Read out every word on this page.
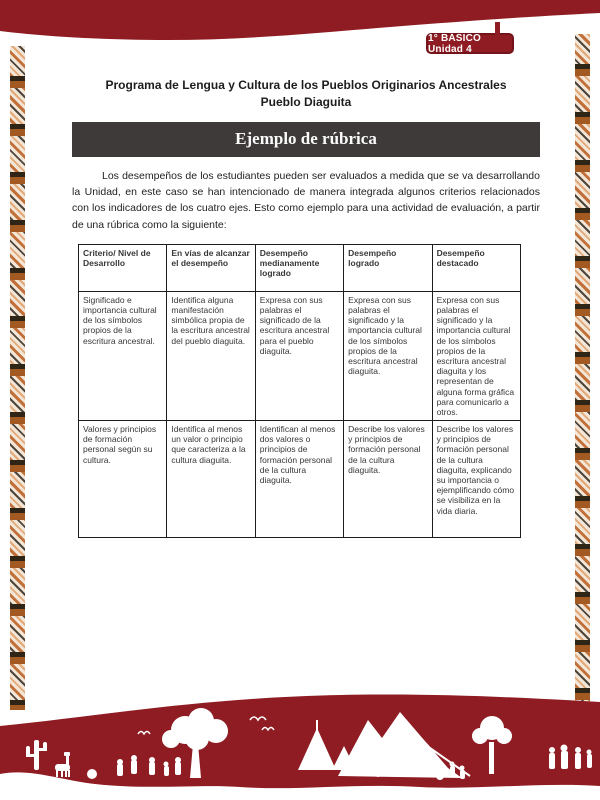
1° BÁSICO Unidad 4
Programa de Lengua y Cultura de los Pueblos Originarios Ancestrales
Pueblo Diaguita
Ejemplo de rúbrica

Los desempeños de los estudiantes pueden ser evaluados a medida que se va desarrollando la Unidad, en este caso se han intencionado de manera integrada algunos criterios relacionados con los indicadores de los cuatro ejes. Esto como ejemplo para una actividad de evaluación, a partir de una rúbrica como la siguiente:

Criterio/ Nivel de Desarrollo	En vías de alcanzar el desempeño	Desempeño medianamente logrado	Desempeño logrado	Desempeño destacado
Significado e importancia cultural de los símbolos propios de la escritura ancestral.	Identifica alguna manifestación simbólica propia de la escritura ancestral del pueblo diaguita.	Expresa con sus palabras el significado de la escritura ancestral para el pueblo diaguita.	Expresa con sus palabras el significado y la importancia cultural de los símbolos propios de la escritura ancestral diaguita.	Expresa con sus palabras el significado y la importancia cultural de los símbolos propios de la escritura ancestral diaguita y los representan de alguna forma gráfica para comunicarlo a otros.
Valores y principios de formación personal según su cultura.	Identifica al menos un valor o principio que caracteriza a la cultura diaguita.	Identifican al menos dos valores o principios de formación personal de la cultura diaguita.	Describe los valores y principios de formación personal de la cultura diaguita.	Describe los valores y principios de formación personal de la cultura diaguita, explicando su importancia o ejemplificando cómo se visibiliza en la vida diaria.
